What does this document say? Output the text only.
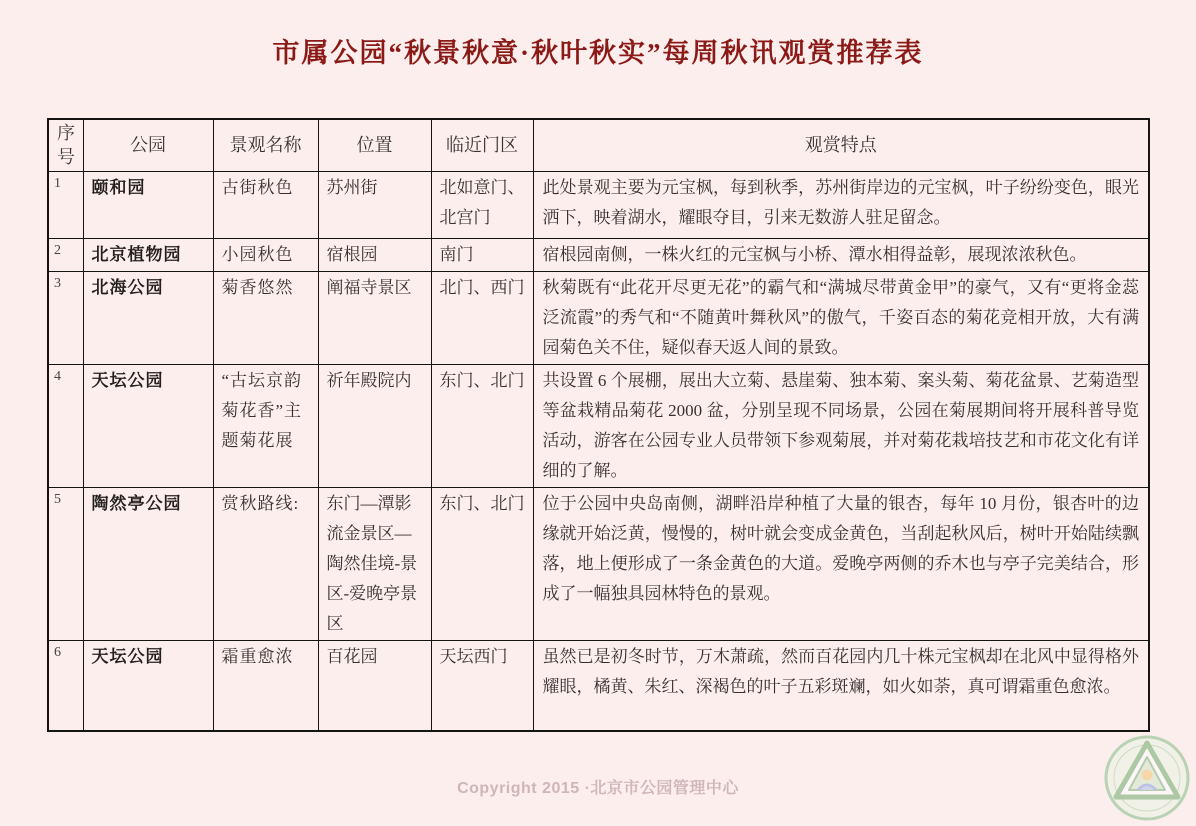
市属公园“秋景秋意·秋叶秋实”每周秋讯观赏推荐表
序号	公园	景观名称	位置	临近门区	观赏特点
1	颐和园	古街秋色	苏州街	北如意门、北宫门	此处景观主要为元宝枫，每到秋季，苏州街岸边的元宝枫，叶子纷纷变色，眼光洒下，映着湖水，耀眼夺目，引来无数游人驻足留念。
2	北京植物园	小园秋色	宿根园	南门	宿根园南侧，一株火红的元宝枫与小桥、潭水相得益彰，展现浓浓秋色。
3	北海公园	菊香悠然	阐福寺景区	北门、西门	秋菊既有“此花开尽更无花”的霸气和“满城尽带黄金甲”的豪气，又有“更将金蕊泛流霞”的秀气和“不随黄叶舞秋风”的傲气，千姿百态的菊花竞相开放，大有满园菊色关不住，疑似春天返人间的景致。
4	天坛公园	“古坛京韵菊花香”主题菊花展	祈年殿院内	东门、北门	共设置 6 个展棚，展出大立菊、悬崖菊、独本菊、案头菊、菊花盆景、艺菊造型等盆栽精品菊花 2000 盆，分别呈现不同场景，公园在菊展期间将开展科普导览活动，游客在公园专业人员带领下参观菊展，并对菊花栽培技艺和市花文化有详细的了解。
5	陶然亭公园	赏秋路线:	东门—潭影流金景区—陶然佳境-景区-爱晚亭景区	东门、北门	位于公园中央岛南侧，湖畔沿岸种植了大量的银杏，每年 10 月份，银杏叶的边缘就开始泛黄，慢慢的，树叶就会变成金黄色，当刮起秋风后，树叶开始陆续飘落，地上便形成了一条金黄色的大道。爱晚亭两侧的乔木也与亭子完美结合，形成了一幅独具园林特色的景观。
6	天坛公园	霜重愈浓	百花园	天坛西门	虽然已是初冬时节，万木萧疏，然而百花园内几十株元宝枫却在北风中显得格外耀眼，橘黄、朱红、深褐色的叶子五彩斑斓，如火如荼，真可谓霜重色愈浓。
Copyright 2015 ·北京市公园管理中心
